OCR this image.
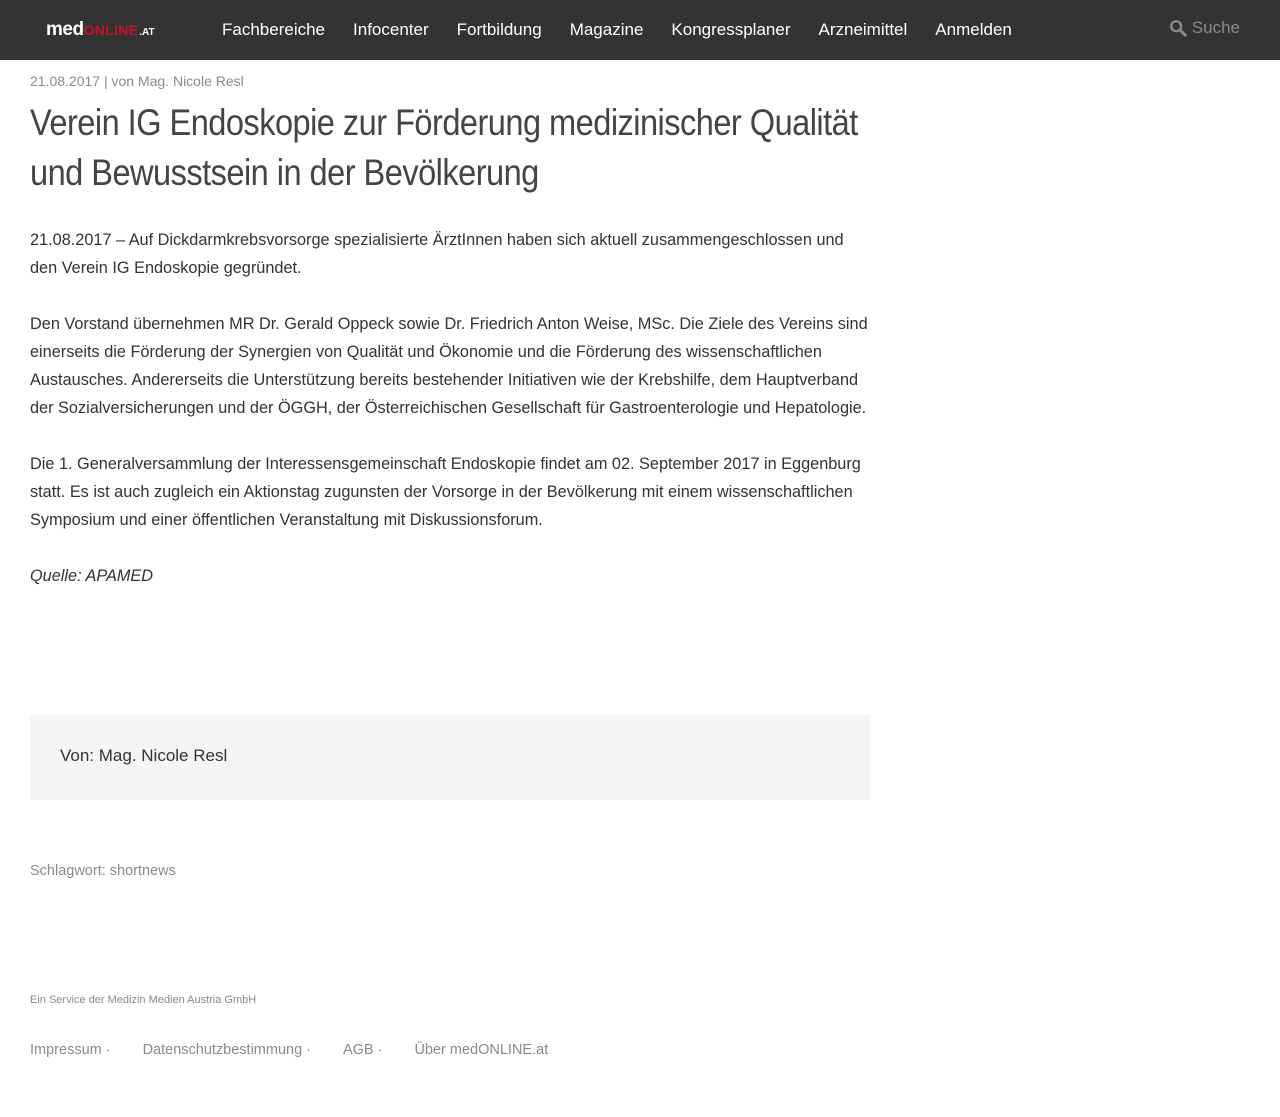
med ONLINE .AT	Fachbereiche	Infocenter	Fortbildung	Magazine	Kongressplaner	Arzneimittel	Anmelden	Suche
21.08.2017 | von Mag. Nicole Resl
Verein IG Endoskopie zur Förderung medizinischer Qualität und Bewusstsein in der Bevölkerung

21.08.2017 – Auf Dickdarmkrebsvorsorge spezialisierte ÄrztInnen haben sich aktuell zusammengeschlossen und den Verein IG Endoskopie gegründet.

Den Vorstand übernehmen MR Dr. Gerald Oppeck sowie Dr. Friedrich Anton Weise, MSc. Die Ziele des Vereins sind einerseits die Förderung der Synergien von Qualität und Ökonomie und die Förderung des wissenschaftlichen Austausches. Andererseits die Unterstützung bereits bestehender Initiativen wie der Krebshilfe, dem Hauptverband der Sozialversicherungen und der ÖGGH, der Österreichischen Gesellschaft für Gastroenterologie und Hepatologie.

Die 1. Generalversammlung der Interessensgemeinschaft Endoskopie findet am 02. September 2017 in Eggenburg statt. Es ist auch zugleich ein Aktionstag zugunsten der Vorsorge in der Bevölkerung mit einem wissenschaftlichen Symposium und einer öffentlichen Veranstaltung mit Diskussionsforum.

Quelle: APAMED

Von: Mag. Nicole Resl
Schlagwort: shortnews
Ein Service der Medizin Medien Austria GmbH
Impressum · Datenschutzbestimmung · AGB · Über medONLINE.at
